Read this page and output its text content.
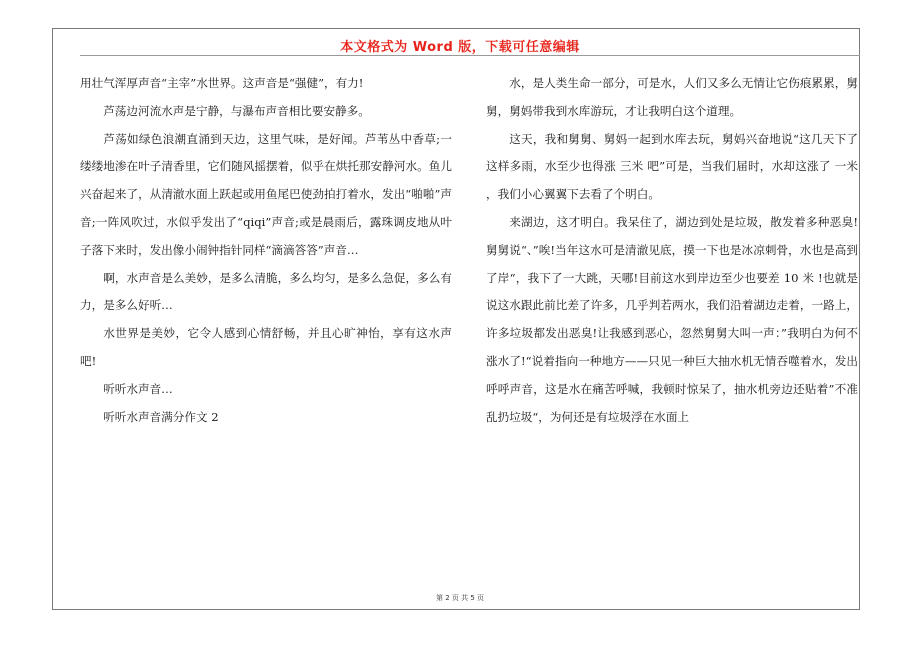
本文格式为 Word 版，下载可任意编辑

用壮气浑厚声音“主宰”水世界。这声音是“强健”，有力!

芦荡边河流水声是宁静，与瀑布声音相比要安静多。

芦荡如绿色浪潮直涌到天边，这里气味，是好闻。芦苇丛中香草;一缕缕地渗在叶子清香里，它们随风摇摆着，似乎在烘托那安静河水。鱼儿兴奋起来了，从清澈水面上跃起或用鱼尾巴使劲拍打着水，发出“啪啪”声音;一阵风吹过，水似乎发出了“qiqi”声音;或是晨雨后，露珠调皮地从叶子落下来时，发出像小闹钟指针同样“滴滴答答”声音…

啊，水声音是么美妙，是多么清脆，多么均匀，是多么急促，多么有力，是多么好听…

水世界是美妙，它令人感到心情舒畅，并且心旷神怡，享有这水声吧!

听听水声音…

听听水声音满分作文 2

水，是人类生命一部分，可是水，人们又多么无情让它伤痕累累，舅舅，舅妈带我到水库游玩，才让我明白这个道理。

这天，我和舅舅、舅妈一起到水库去玩，舅妈兴奋地说“这几天下了这样多雨，水至少也得涨 三米 吧”可是，当我们届时，水却这涨了 一米 ，我们小心翼翼下去看了个明白。

来湖边，这才明白。我呆住了，湖边到处是垃圾，散发着多种恶臭!舅舅说“、”唉!当年这水可是清澈见底，摸一下也是冰凉刺骨，水也是高到了岸“，我下了一大跳，天哪!目前这水到岸边至少也要差 10 米 !也就是说这水跟此前比差了许多，几乎判若两水，我们沿着湖边走着，一路上， 许多垃圾都发出恶臭!让我感到恶心，忽然舅舅大叫一声：”我明白为何不涨水了!“说着指向一种地方——只见一种巨大抽水机无情吞噬着水，发出呼呼声音，这是水在痛苦呼喊，我顿时惊呆了，抽水机旁边还贴着”不准乱扔垃圾“，为何还是有垃圾浮在水面上

第 2 页 共 5 页
